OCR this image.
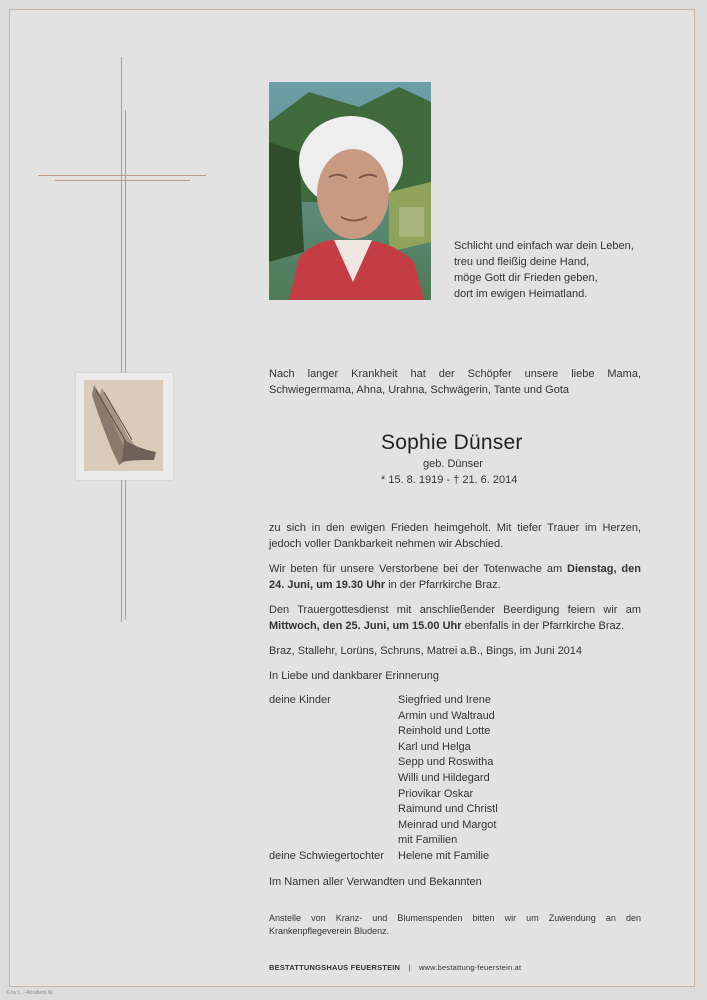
Schlicht und einfach war dein Leben,
treu und fleißig deine Hand,
möge Gott dir Frieden geben,
dort im ewigen Heimatland.
Nach langer Krankheit hat der Schöpfer unsere liebe Mama, Schwiegermama, Ahna, Urahna, Schwägerin, Tante und Gota
Sophie Dünser
geb. Dünser
* 15. 8. 1919 - † 21. 6. 2014
zu sich in den ewigen Frieden heimgeholt. Mit tiefer Trauer im Herzen, jedoch voller Dankbarkeit nehmen wir Abschied.
Wir beten für unsere Verstorbene bei der Totenwache am Dienstag, den 24. Juni, um 19.30 Uhr in der Pfarrkirche Braz.
Den Trauergottesdienst mit anschließender Beerdigung feiern wir am Mittwoch, den 25. Juni, um 15.00 Uhr ebenfalls in der Pfarrkirche Braz.
Braz, Stallehr, Lorüns, Schruns, Matrei a.B., Bings, im Juni 2014
In Liebe und dankbarer Erinnerung
deine Kinder	Siegfried und Irene
Armin und Waltraud
Reinhold und Lotte
Karl und Helga
Sepp und Roswitha
Willi und Hildegard
Priovikar Oskar
Raimund und Christl
Meinrad und Margot
mit Familien
deine Schwiegertochter Helene mit Familie
Im Namen aller Verwandten und Bekannten
Anstelle von Kranz- und Blumenspenden bitten wir um Zuwendung an den Krankenpflegeverein Bludenz.
BESTATTUNGSHAUS FEUERSTEIN | www.bestattung-feuerstein.at
© by L. - Abrahem W.
